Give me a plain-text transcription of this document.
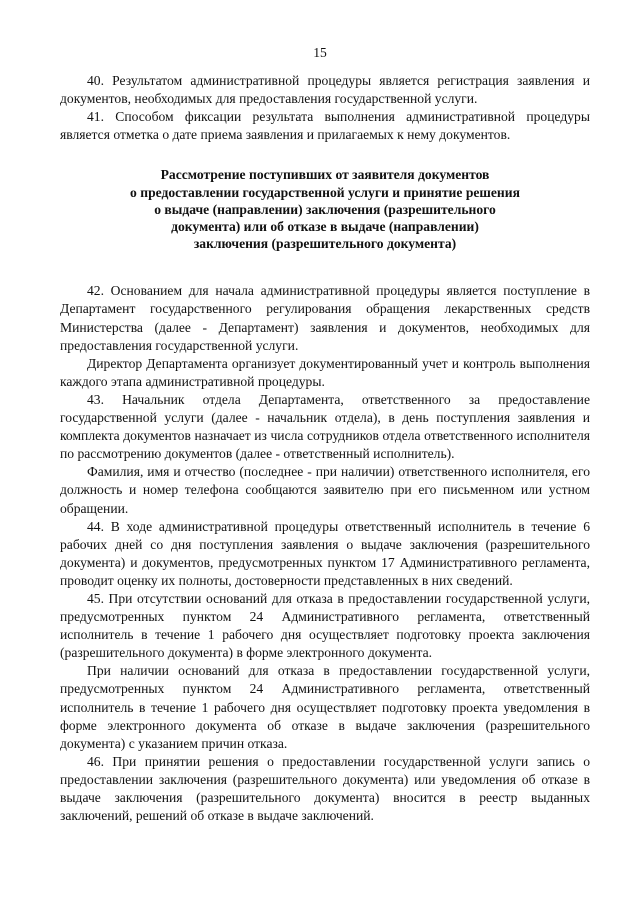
15

40. Результатом административной процедуры является регистрация заявления и документов, необходимых для предоставления государственной услуги.

41. Способом фиксации результата выполнения административной процедуры является отметка о дате приема заявления и прилагаемых к нему документов.

Рассмотрение поступивших от заявителя документов
о предоставлении государственной услуги и принятие решения
о выдаче (направлении) заключения (разрешительного
документа) или об отказе в выдаче (направлении)
заключения (разрешительного документа)

42. Основанием для начала административной процедуры является поступление в Департамент государственного регулирования обращения лекарственных средств Министерства (далее - Департамент) заявления и документов, необходимых для предоставления государственной услуги.

Директор Департамента организует документированный учет и контроль выполнения каждого этапа административной процедуры.

43. Начальник отдела Департамента, ответственного за предоставление государственной услуги (далее - начальник отдела), в день поступления заявления и комплекта документов назначает из числа сотрудников отдела ответственного исполнителя по рассмотрению документов (далее - ответственный исполнитель).

Фамилия, имя и отчество (последнее - при наличии) ответственного исполнителя, его должность и номер телефона сообщаются заявителю при его письменном или устном обращении.

44. В ходе административной процедуры ответственный исполнитель в течение 6 рабочих дней со дня поступления заявления о выдаче заключения (разрешительного документа) и документов, предусмотренных пунктом 17 Административного регламента, проводит оценку их полноты, достоверности представленных в них сведений.

45. При отсутствии оснований для отказа в предоставлении государственной услуги, предусмотренных пунктом 24 Административного регламента, ответственный исполнитель в течение 1 рабочего дня осуществляет подготовку проекта заключения (разрешительного документа) в форме электронного документа.

При наличии оснований для отказа в предоставлении государственной услуги, предусмотренных пунктом 24 Административного регламента, ответственный исполнитель в течение 1 рабочего дня осуществляет подготовку проекта уведомления в форме электронного документа об отказе в выдаче заключения (разрешительного документа) с указанием причин отказа.

46. При принятии решения о предоставлении государственной услуги запись о предоставлении заключения (разрешительного документа) или уведомления об отказе в выдаче заключения (разрешительного документа) вносится в реестр выданных заключений, решений об отказе в выдаче заключений.
